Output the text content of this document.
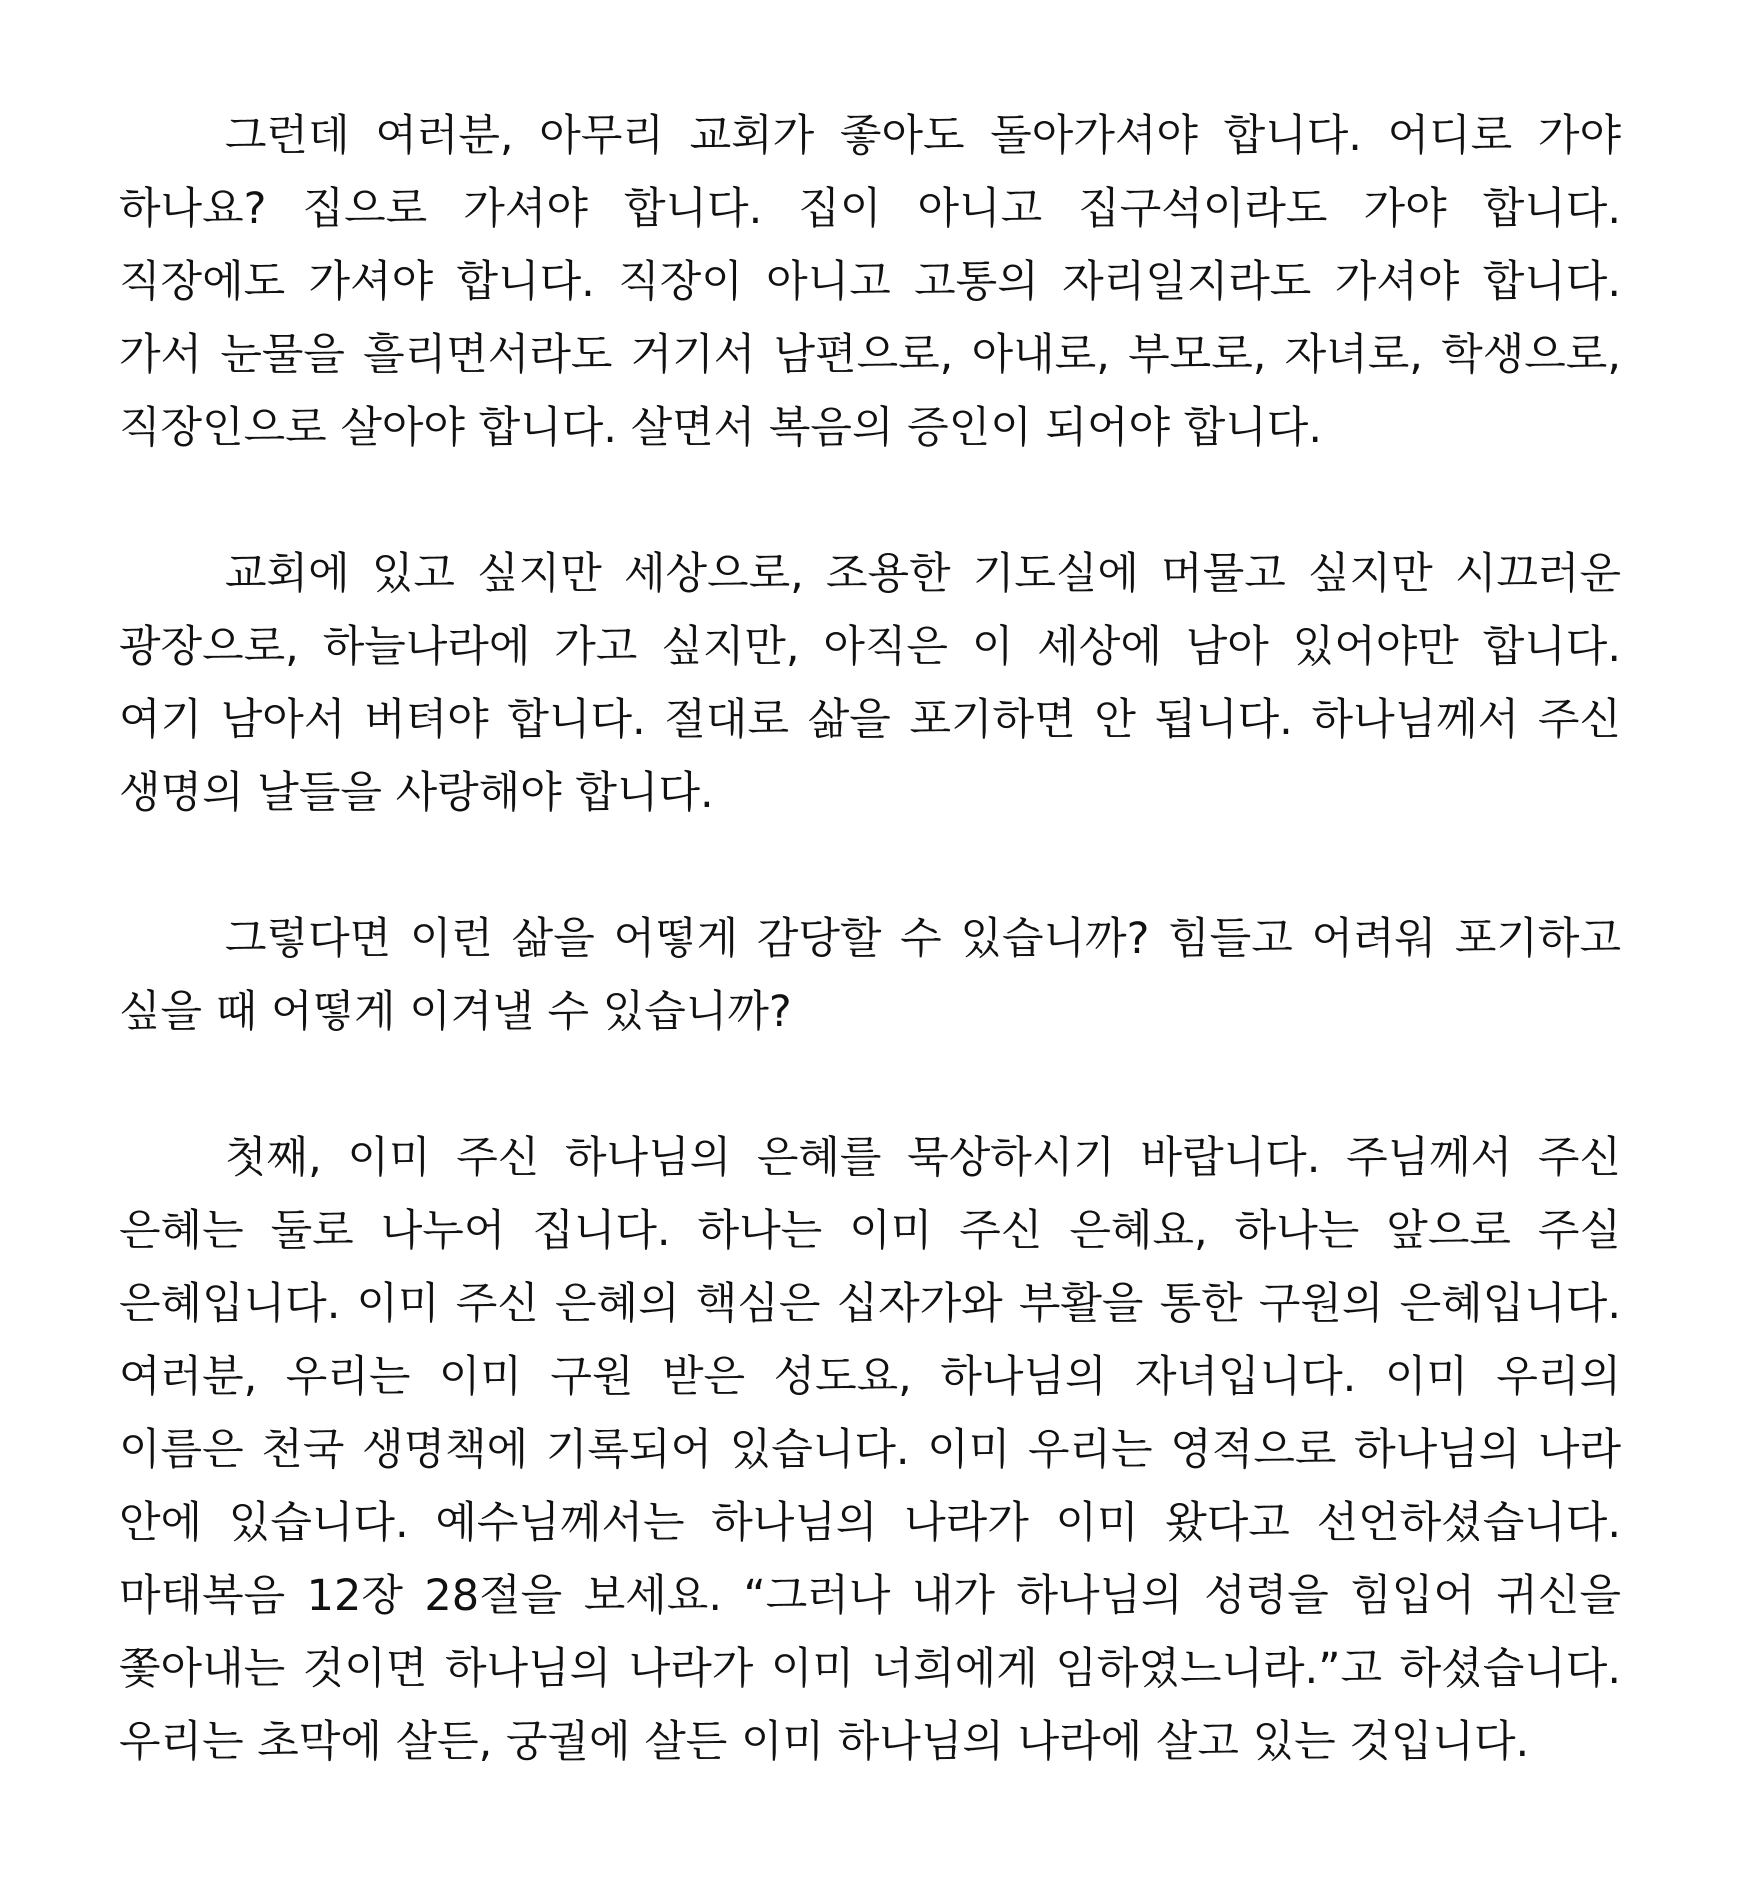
그런데 여러분, 아무리 교회가 좋아도 돌아가셔야 합니다. 어디로 가야 하나요? 집으로 가셔야 합니다. 집이 아니고 집구석이라도 가야 합니다. 직장에도 가셔야 합니다. 직장이 아니고 고통의 자리일지라도 가셔야 합니다. 가서 눈물을 흘리면서라도 거기서 남편으로, 아내로, 부모로, 자녀로, 학생으로, 직장인으로 살아야 합니다. 살면서 복음의 증인이 되어야 합니다.

교회에 있고 싶지만 세상으로, 조용한 기도실에 머물고 싶지만 시끄러운 광장으로, 하늘나라에 가고 싶지만, 아직은 이 세상에 남아 있어야만 합니다. 여기 남아서 버텨야 합니다. 절대로 삶을 포기하면 안 됩니다. 하나님께서 주신 생명의 날들을 사랑해야 합니다.

그렇다면 이런 삶을 어떻게 감당할 수 있습니까? 힘들고 어려워 포기하고 싶을 때 어떻게 이겨낼 수 있습니까?

첫째, 이미 주신 하나님의 은혜를 묵상하시기 바랍니다. 주님께서 주신 은혜는 둘로 나누어 집니다. 하나는 이미 주신 은혜요, 하나는 앞으로 주실 은혜입니다. 이미 주신 은혜의 핵심은 십자가와 부활을 통한 구원의 은혜입니다. 여러분, 우리는 이미 구원 받은 성도요, 하나님의 자녀입니다. 이미 우리의 이름은 천국 생명책에 기록되어 있습니다. 이미 우리는 영적으로 하나님의 나라 안에 있습니다. 예수님께서는 하나님의 나라가 이미 왔다고 선언하셨습니다. 마태복음 12장 28절을 보세요. “그러나 내가 하나님의 성령을 힘입어 귀신을 쫓아내는 것이면 하나님의 나라가 이미 너희에게 임하였느니라.”고 하셨습니다. 우리는 초막에 살든, 궁궐에 살든 이미 하나님의 나라에 살고 있는 것입니다.
